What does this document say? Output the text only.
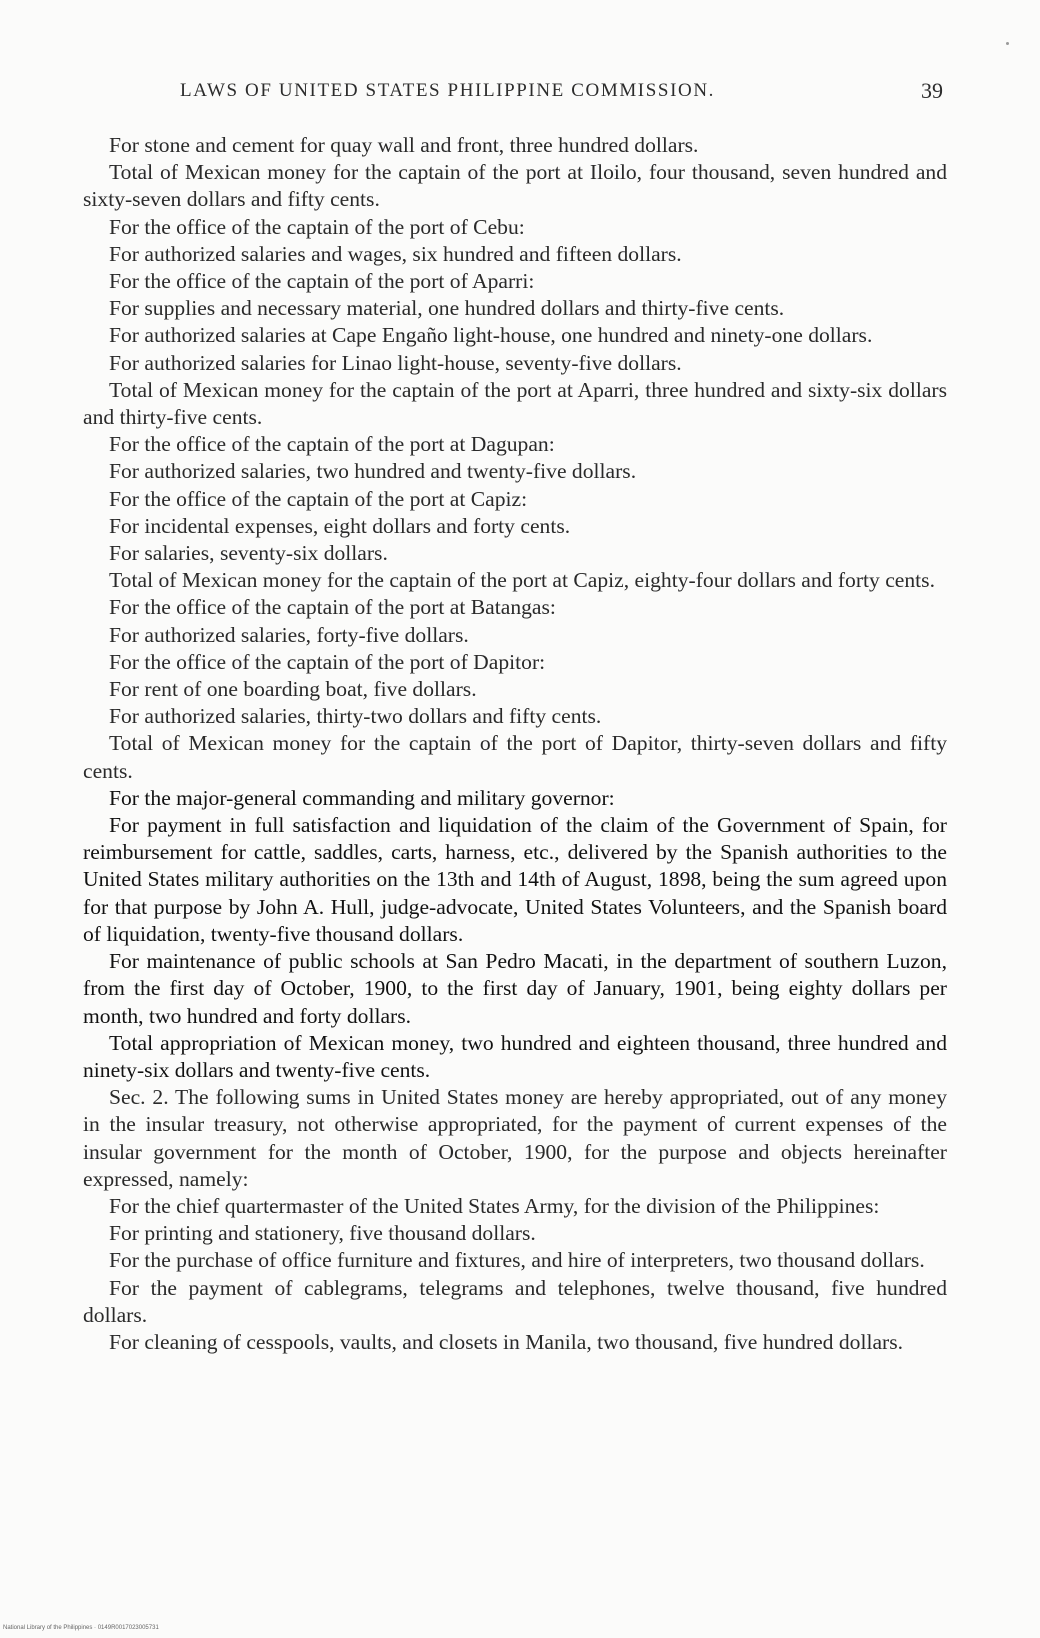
LAWS OF UNITED STATES PHILIPPINE COMMISSION.	39

For stone and cement for quay wall and front, three hundred dollars.

Total of Mexican money for the captain of the port at Iloilo, four thousand, seven hundred and sixty-seven dollars and fifty cents.

For the office of the captain of the port of Cebu:

For authorized salaries and wages, six hundred and fifteen dollars.

For the office of the captain of the port of Aparri:

For supplies and necessary material, one hundred dollars and thirty-five cents.

For authorized salaries at Cape Engaño light-house, one hundred and ninety-one dollars.

For authorized salaries for Linao light-house, seventy-five dollars.

Total of Mexican money for the captain of the port at Aparri, three hundred and sixty-six dollars and thirty-five cents.

For the office of the captain of the port at Dagupan:

For authorized salaries, two hundred and twenty-five dollars.

For the office of the captain of the port at Capiz:

For incidental expenses, eight dollars and forty cents.

For salaries, seventy-six dollars.

Total of Mexican money for the captain of the port at Capiz, eighty-four dollars and forty cents.

For the office of the captain of the port at Batangas:

For authorized salaries, forty-five dollars.

For the office of the captain of the port of Dapitor:

For rent of one boarding boat, five dollars.

For authorized salaries, thirty-two dollars and fifty cents.

Total of Mexican money for the captain of the port of Dapitor, thirty-seven dollars and fifty cents.

For the major-general commanding and military governor:

For payment in full satisfaction and liquidation of the claim of the Government of Spain, for reimbursement for cattle, saddles, carts, harness, etc., delivered by the Spanish authorities to the United States military authorities on the 13th and 14th of August, 1898, being the sum agreed upon for that purpose by John A. Hull, judge-advocate, United States Volunteers, and the Spanish board of liquidation, twenty-five thousand dollars.

For maintenance of public schools at San Pedro Macati, in the department of southern Luzon, from the first day of October, 1900, to the first day of January, 1901, being eighty dollars per month, two hundred and forty dollars.

Total appropriation of Mexican money, two hundred and eighteen thousand, three hundred and ninety-six dollars and twenty-five cents.

Sec. 2. The following sums in United States money are hereby appropriated, out of any money in the insular treasury, not otherwise appropriated, for the payment of current expenses of the insular government for the month of October, 1900, for the purpose and objects hereinafter expressed, namely:

For the chief quartermaster of the United States Army, for the division of the Philippines:

For printing and stationery, five thousand dollars.

For the purchase of office furniture and fixtures, and hire of interpreters, two thousand dollars.

For the payment of cablegrams, telegrams and telephones, twelve thousand, five hundred dollars.

For cleaning of cesspools, vaults, and closets in Manila, two thousand, five hundred dollars.

National Library of the Philippines · 0149R0017023005731
